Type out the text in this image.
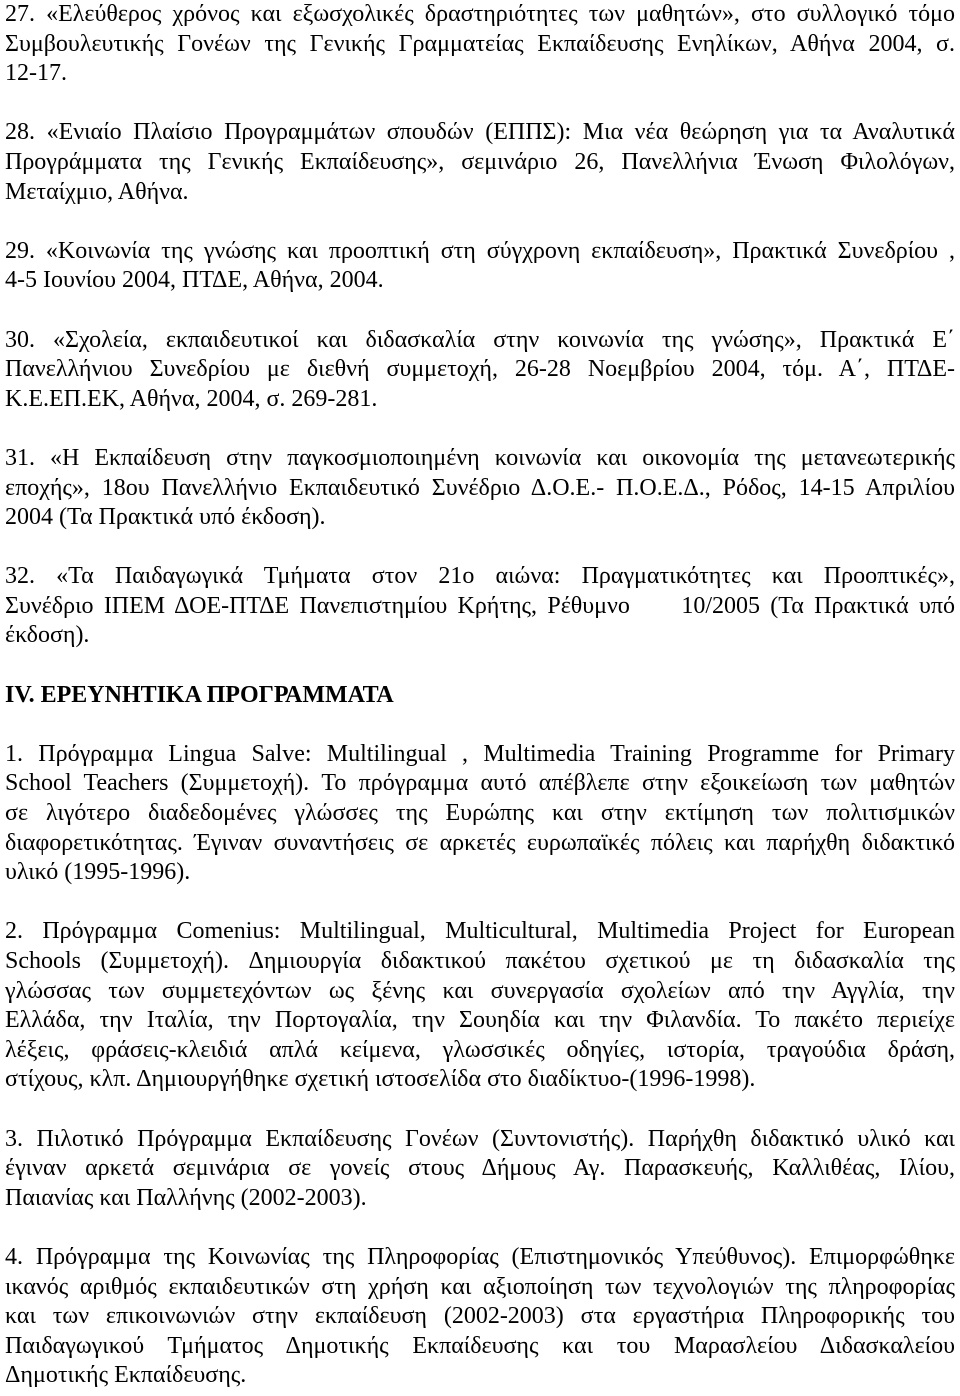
27. «Ελεύθερος χρόνος και εξωσχολικές δραστηριότητες των μαθητών», στο συλλογικό τόμο
Συμβουλευτικής Γονέων της Γενικής Γραμματείας Εκπαίδευσης Ενηλίκων, Αθήνα 2004, σ.
12-17.
28. «Ενιαίο Πλαίσιο Προγραμμάτων σπουδών (ΕΠΠΣ): Μια νέα θεώρηση για τα Αναλυτικά
Προγράμματα της Γενικής Εκπαίδευσης», σεμινάριο 26, Πανελλήνια Ένωση Φιλολόγων,
Μεταίχμιο, Αθήνα.
29. «Κοινωνία της γνώσης και προοπτική στη σύγχρονη εκπαίδευση», Πρακτικά Συνεδρίου ,
4-5 Ιουνίου 2004, ΠΤΔΕ, Αθήνα, 2004.
30. «Σχολεία, εκπαιδευτικοί και διδασκαλία στην κοινωνία της γνώσης», Πρακτικά Ε΄
Πανελλήνιου Συνεδρίου με διεθνή συμμετοχή, 26-28 Νοεμβρίου 2004, τόμ. Α΄, ΠΤΔΕ-
Κ.Ε.ΕΠ.ΕΚ, Αθήνα, 2004, σ. 269-281.
31. «Η Εκπαίδευση στην παγκοσμιοποιημένη κοινωνία και οικονομία της μετανεωτερικής
εποχής», 18ου Πανελλήνιο Εκπαιδευτικό Συνέδριο Δ.Ο.Ε.- Π.Ο.Ε.Δ., Ρόδος, 14-15 Απριλίου
2004 (Τα Πρακτικά υπό έκδοση).
32. «Τα Παιδαγωγικά Τμήματα στον 21ο αιώνα: Πραγματικότητες και Προοπτικές»,
Συνέδριο ΙΠΕΜ ΔΟΕ-ΠΤΔΕ Πανεπιστημίου Κρήτης, Ρέθυμνο     10/2005 (Τα Πρακτικά υπό
έκδοση).
IV. ΕΡΕΥΝΗΤΙΚΑ ΠΡΟΓΡΑΜΜΑΤΑ
1. Πρόγραμμα Lingua Salve: Multilingual , Multimedia Training Programme for Primary
School Teachers (Συμμετοχή). Το πρόγραμμα αυτό απέβλεπε στην εξοικείωση των μαθητών
σε λιγότερο διαδεδομένες γλώσσες της Ευρώπης και στην εκτίμηση των πολιτισμικών
διαφορετικότητας. Έγιναν συναντήσεις σε αρκετές ευρωπαϊκές πόλεις και παρήχθη διδακτικό
υλικό (1995-1996).
2. Πρόγραμμα Comenius: Multilingual, Multicultural, Multimedia Project for European
Schools (Συμμετοχή). Δημιουργία διδακτικού πακέτου σχετικού με τη διδασκαλία της
γλώσσας των συμμετεχόντων ως ξένης και συνεργασία σχολείων από την Αγγλία, την
Ελλάδα, την Ιταλία, την Πορτογαλία, την Σουηδία και την Φιλανδία. Το πακέτο περιείχε
λέξεις, φράσεις-κλειδιά απλά κείμενα, γλωσσικές οδηγίες, ιστορία, τραγούδια δράση,
στίχους, κλπ. Δημιουργήθηκε σχετική ιστοσελίδα στο διαδίκτυο-(1996-1998).
3. Πιλοτικό Πρόγραμμα Εκπαίδευσης Γονέων (Συντονιστής). Παρήχθη διδακτικό υλικό και
έγιναν αρκετά σεμινάρια σε γονείς στους Δήμους Αγ. Παρασκευής, Καλλιθέας, Ιλίου,
Παιανίας και Παλλήνης (2002-2003).
4. Πρόγραμμα της Κοινωνίας της Πληροφορίας (Επιστημονικός Υπεύθυνος). Επιμορφώθηκε
ικανός αριθμός εκπαιδευτικών στη χρήση και αξιοποίηση των τεχνολογιών της πληροφορίας
και των επικοινωνιών στην εκπαίδευση (2002-2003) στα εργαστήρια Πληροφορικής του
Παιδαγωγικού Τμήματος Δημοτικής Εκπαίδευσης και του Μαρασλείου Διδασκαλείου
Δημοτικής Εκπαίδευσης.
